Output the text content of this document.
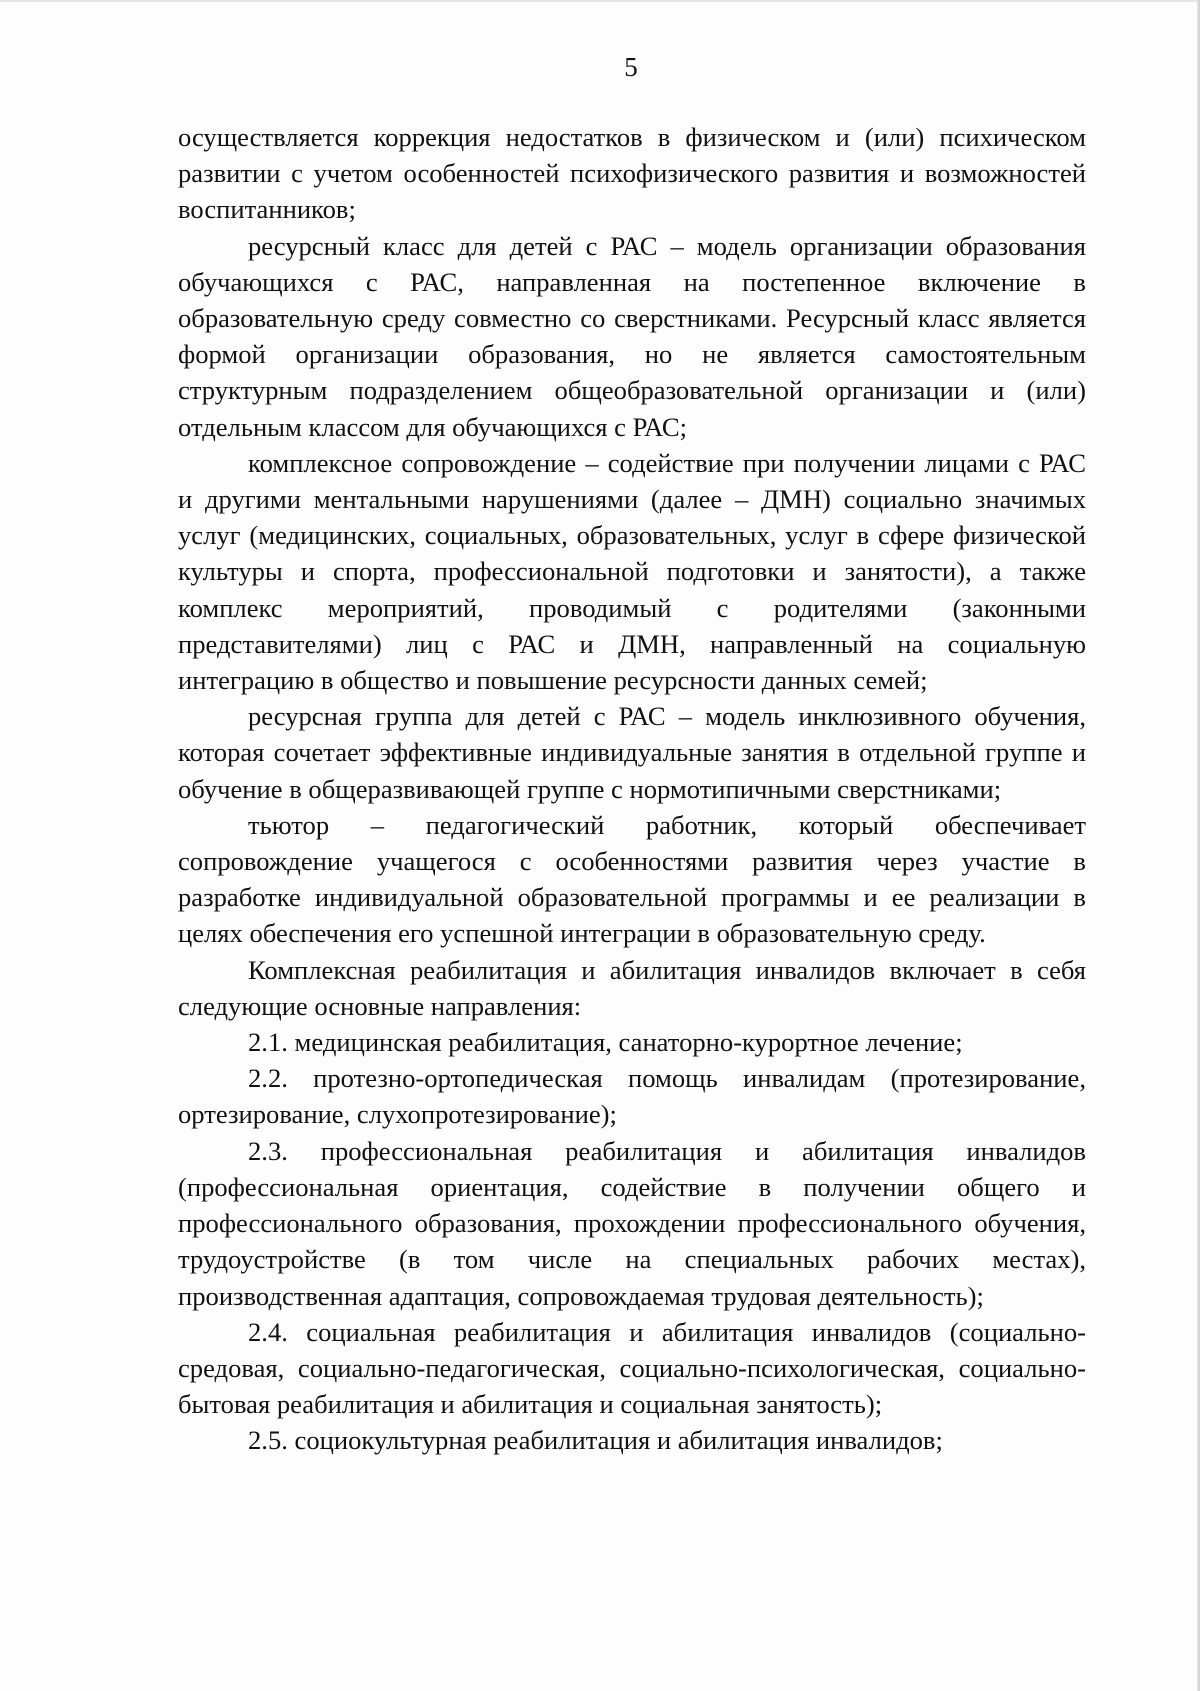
5

осуществляется коррекция недостатков в физическом и (или) психическом развитии с учетом особенностей психофизического развития и возможностей воспитанников;

ресурсный класс для детей с РАС – модель организации образования обучающихся с РАС, направленная на постепенное включение в образовательную среду совместно со сверстниками. Ресурсный класс является формой организации образования, но не является самостоятельным структурным подразделением общеобразовательной организации и (или) отдельным классом для обучающихся с РАС;

комплексное сопровождение – содействие при получении лицами с РАС и другими ментальными нарушениями (далее – ДМН) социально значимых услуг (медицинских, социальных, образовательных, услуг в сфере физической культуры и спорта, профессиональной подготовки и занятости), а также комплекс мероприятий, проводимый с родителями (законными представителями) лиц с РАС и ДМН, направленный на социальную интеграцию в общество и повышение ресурсности данных семей;

ресурсная группа для детей с РАС – модель инклюзивного обучения, которая сочетает эффективные индивидуальные занятия в отдельной группе и обучение в общеразвивающей группе с нормотипичными сверстниками;

тьютор – педагогический работник, который обеспечивает сопровождение учащегося с особенностями развития через участие в разработке индивидуальной образовательной программы и ее реализации в целях обеспечения его успешной интеграции в образовательную среду.

Комплексная реабилитация и абилитация инвалидов включает в себя следующие основные направления:

2.1. медицинская реабилитация, санаторно-курортное лечение;

2.2. протезно-ортопедическая помощь инвалидам (протезирование, ортезирование, слухопротезирование);

2.3. профессиональная реабилитация и абилитация инвалидов (профессиональная ориентация, содействие в получении общего и профессионального образования, прохождении профессионального обучения, трудоустройстве (в том числе на специальных рабочих местах), производственная адаптация, сопровождаемая трудовая деятельность);

2.4. социальная реабилитация и абилитация инвалидов (социально-средовая, социально-педагогическая, социально-психологическая, социально-бытовая реабилитация и абилитация и социальная занятость);

2.5. социокультурная реабилитация и абилитация инвалидов;
